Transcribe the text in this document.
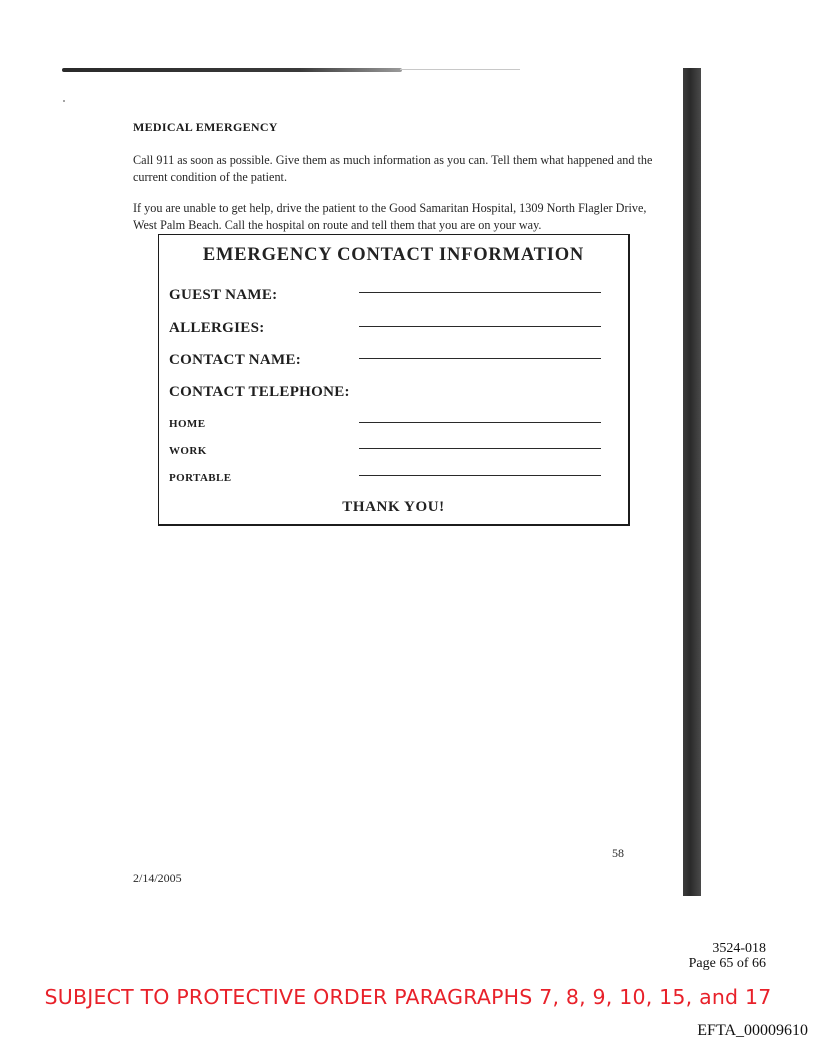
MEDICAL EMERGENCY
Call 911 as soon as possible. Give them as much information as you can. Tell them what happened and the current condition of the patient.
If you are unable to get help, drive the patient to the Good Samaritan Hospital, 1309 North Flagler Drive, West Palm Beach. Call the hospital on route and tell them that you are on your way.
EMERGENCY CONTACT INFORMATION
GUEST NAME:
ALLERGIES:
CONTACT NAME:
CONTACT TELEPHONE:
HOME
WORK
PORTABLE
THANK YOU!
58
2/14/2005
3524-018
Page 65 of 66
SUBJECT TO PROTECTIVE ORDER PARAGRAPHS 7, 8, 9, 10, 15, and 17
EFTA_00009610
